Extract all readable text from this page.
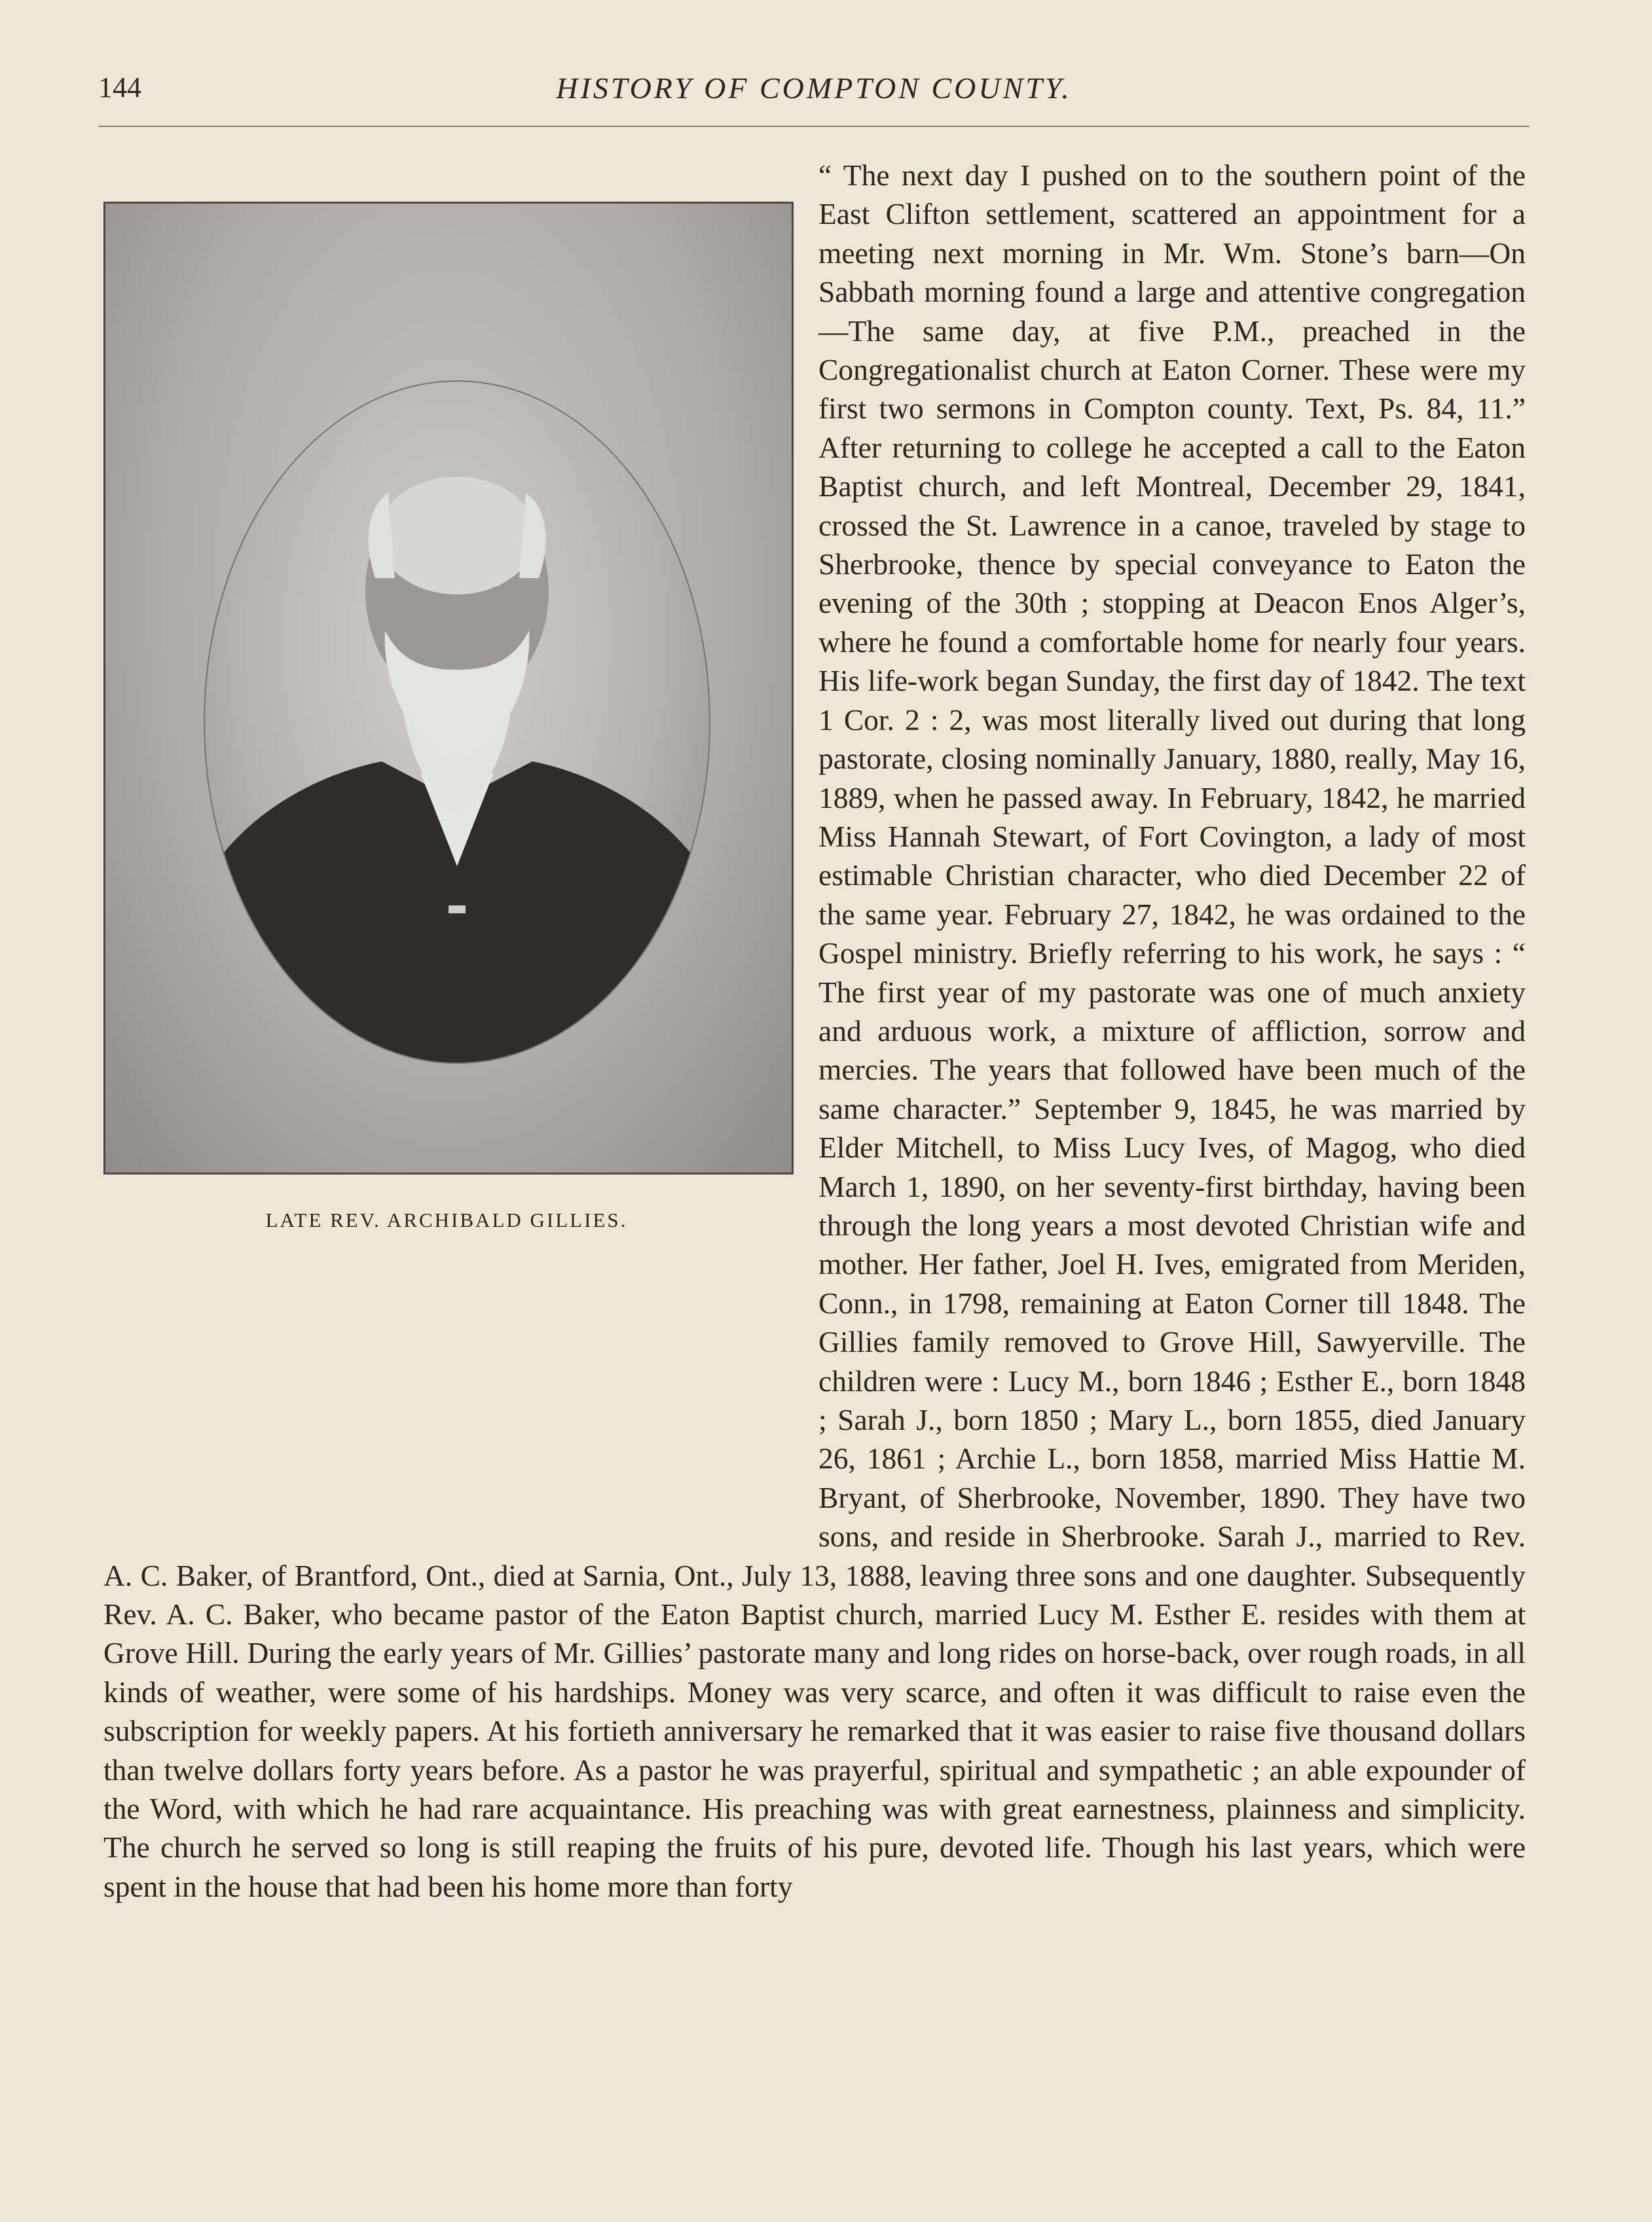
144	HISTORY OF COMPTON COUNTY.
LATE REV. ARCHIBALD GILLIES.
“ The next day I pushed on to the southern point of the East Clifton settlement, scattered an appointment for a meeting next morning in Mr. Wm. Stone’s barn—On Sabbath morning found a large and attentive congregation—The same day, at five P.M., preached in the Congregationalist church at Eaton Corner. These were my first two sermons in Compton county. Text, Ps. 84, 11.” After returning to college he accepted a call to the Eaton Baptist church, and left Montreal, December 29, 1841, crossed the St. Lawrence in a canoe, traveled by stage to Sherbrooke, thence by special conveyance to Eaton the evening of the 30th ; stopping at Deacon Enos Alger’s, where he found a comfortable home for nearly four years. His life-work began Sunday, the first day of 1842. The text 1 Cor. 2 : 2, was most literally lived out during that long pastorate, closing nominally January, 1880, really, May 16, 1889, when he passed away. In February, 1842, he married Miss Hannah Stewart, of Fort Covington, a lady of most estimable Christian character, who died December 22 of the same year. February 27, 1842, he was ordained to the Gospel ministry. Briefly referring to his work, he says : “ The first year of my pastorate was one of much anxiety and arduous work, a mixture of affliction, sorrow and mercies. The years that followed have been much of the same character.” September 9, 1845, he was married by Elder Mitchell, to Miss Lucy Ives, of Magog, who died March 1, 1890, on her seventy-first birthday, having been through the long years a most devoted Christian wife and mother. Her father, Joel H. Ives, emigrated from Meriden, Conn., in 1798, remaining at Eaton Corner till 1848. The Gillies family removed to Grove Hill, Sawyerville. The children were : Lucy M., born 1846 ; Esther E., born 1848 ; Sarah J., born 1850 ; Mary L., born 1855, died January 26, 1861 ; Archie L., born 1858, married Miss Hattie M. Bryant, of Sherbrooke, November, 1890. They have two sons, and reside in Sherbrooke. Sarah J., married to Rev. A. C. Baker, of Brantford, Ont., died at Sarnia, Ont., July 13, 1888, leaving three sons and one daughter. Subsequently Rev. A. C. Baker, who became pastor of the Eaton Baptist church, married Lucy M. Esther E. resides with them at Grove Hill. During the early years of Mr. Gillies’ pastorate many and long rides on horse-back, over rough roads, in all kinds of weather, were some of his hardships. Money was very scarce, and often it was difficult to raise even the subscription for weekly papers. At his fortieth anniversary he remarked that it was easier to raise five thousand dollars than twelve dollars forty years before. As a pastor he was prayerful, spiritual and sympathetic ; an able expounder of the Word, with which he had rare acquaintance. His preaching was with great earnestness, plainness and simplicity. The church he served so long is still reaping the fruits of his pure, devoted life. Though his last years, which were spent in the house that had been his home more than forty
